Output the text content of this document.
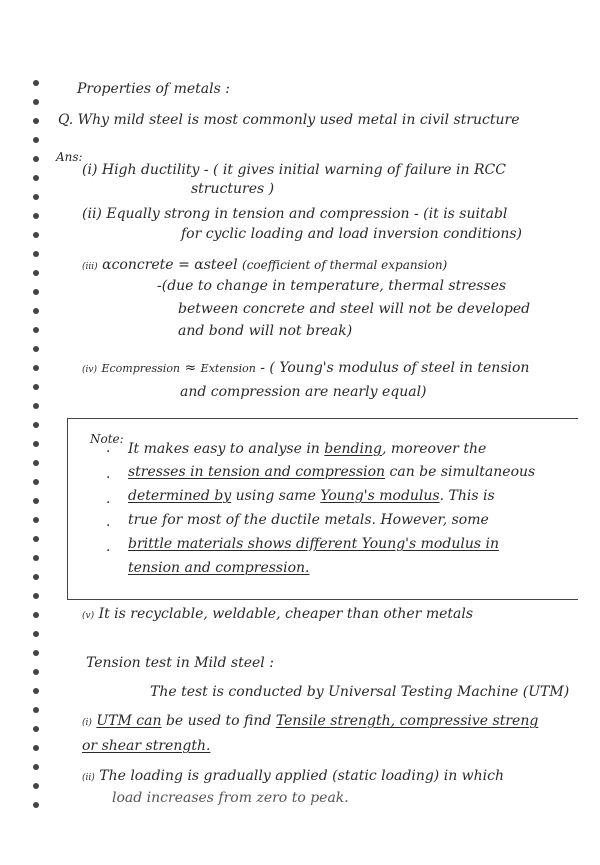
Properties of metals :
Q. Why mild steel is most commonly used metal in civil structure
Ans:
(i) High ductility - ( it gives initial warning of failure in RCC
structures )
(ii) Equally strong in tension and compression - (it is suitabl
for cyclic loading and load inversion conditions)
(iii) αconcrete = αsteel (coefficient of thermal expansion)
-(due to change in temperature, thermal stresses
between concrete and steel will not be developed
and bond will not break)
(iv) Ecompression ≈ Extension - ( Young's modulus of steel in tension
and compression are nearly equal)
Note:
·
·
·
·
·
It makes easy to analyse in bending, moreover the
stresses in tension and compression can be simultaneous
determined by using same Young's modulus. This is
true for most of the ductile metals. However, some
brittle materials shows different Young's modulus in
tension and compression.
(v) It is recyclable, weldable, cheaper than other metals
Tension test in Mild steel :
The test is conducted by Universal Testing Machine (UTM)
(i) UTM can be used to find Tensile strength, compressive streng
or shear strength.
(ii) The loading is gradually applied (static loading) in which
load increases from zero to peak.
